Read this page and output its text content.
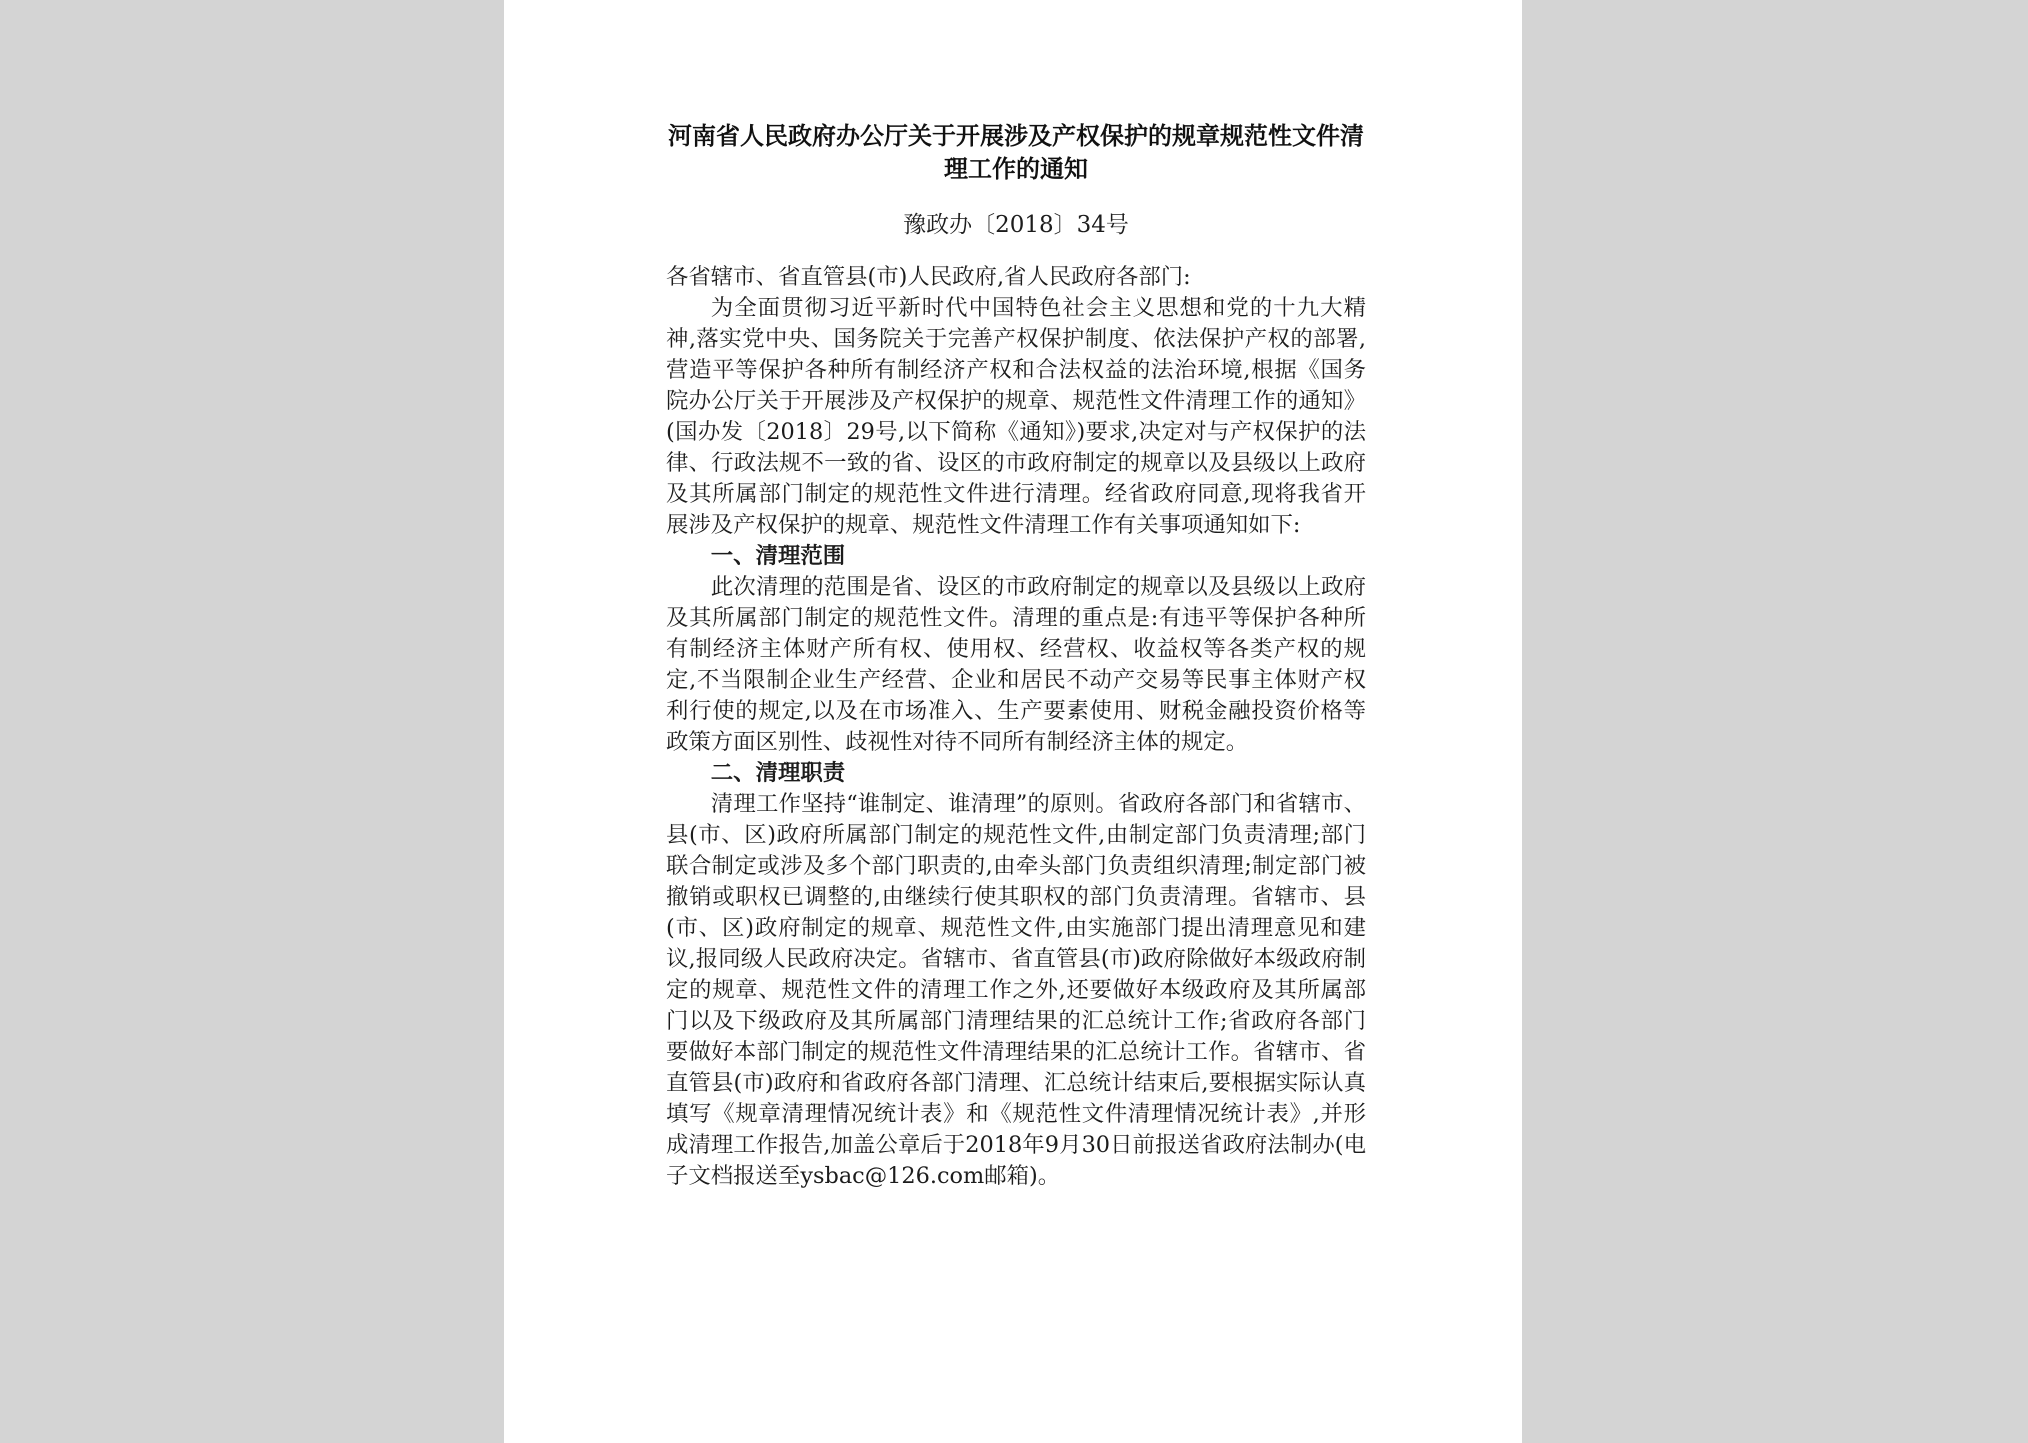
河南省人民政府办公厅关于开展涉及产权保护的规章规范性文件清理工作的通知
豫政办〔2018〕34号

各省辖市、省直管县(市)人民政府,省人民政府各部门:

为全面贯彻习近平新时代中国特色社会主义思想和党的十九大精神,落实党中央、国务院关于完善产权保护制度、依法保护产权的部署,营造平等保护各种所有制经济产权和合法权益的法治环境,根据《国务院办公厅关于开展涉及产权保护的规章、规范性文件清理工作的通知》(国办发〔2018〕29号,以下简称《通知》)要求,决定对与产权保护的法律、行政法规不一致的省、设区的市政府制定的规章以及县级以上政府及其所属部门制定的规范性文件进行清理。经省政府同意,现将我省开展涉及产权保护的规章、规范性文件清理工作有关事项通知如下:

一、清理范围

此次清理的范围是省、设区的市政府制定的规章以及县级以上政府及其所属部门制定的规范性文件。清理的重点是:有违平等保护各种所有制经济主体财产所有权、使用权、经营权、收益权等各类产权的规定,不当限制企业生产经营、企业和居民不动产交易等民事主体财产权利行使的规定,以及在市场准入、生产要素使用、财税金融投资价格等政策方面区别性、歧视性对待不同所有制经济主体的规定。

二、清理职责

清理工作坚持“谁制定、谁清理”的原则。省政府各部门和省辖市、县(市、区)政府所属部门制定的规范性文件,由制定部门负责清理;部门联合制定或涉及多个部门职责的,由牵头部门负责组织清理;制定部门被撤销或职权已调整的,由继续行使其职权的部门负责清理。省辖市、县(市、区)政府制定的规章、规范性文件,由实施部门提出清理意见和建议,报同级人民政府决定。省辖市、省直管县(市)政府除做好本级政府制定的规章、规范性文件的清理工作之外,还要做好本级政府及其所属部门以及下级政府及其所属部门清理结果的汇总统计工作;省政府各部门要做好本部门制定的规范性文件清理结果的汇总统计工作。省辖市、省直管县(市)政府和省政府各部门清理、汇总统计结束后,要根据实际认真填写《规章清理情况统计表》和《规范性文件清理情况统计表》,并形成清理工作报告,加盖公章后于2018年9月30日前报送省政府法制办(电子文档报送至ysbac@126.com邮箱)。
